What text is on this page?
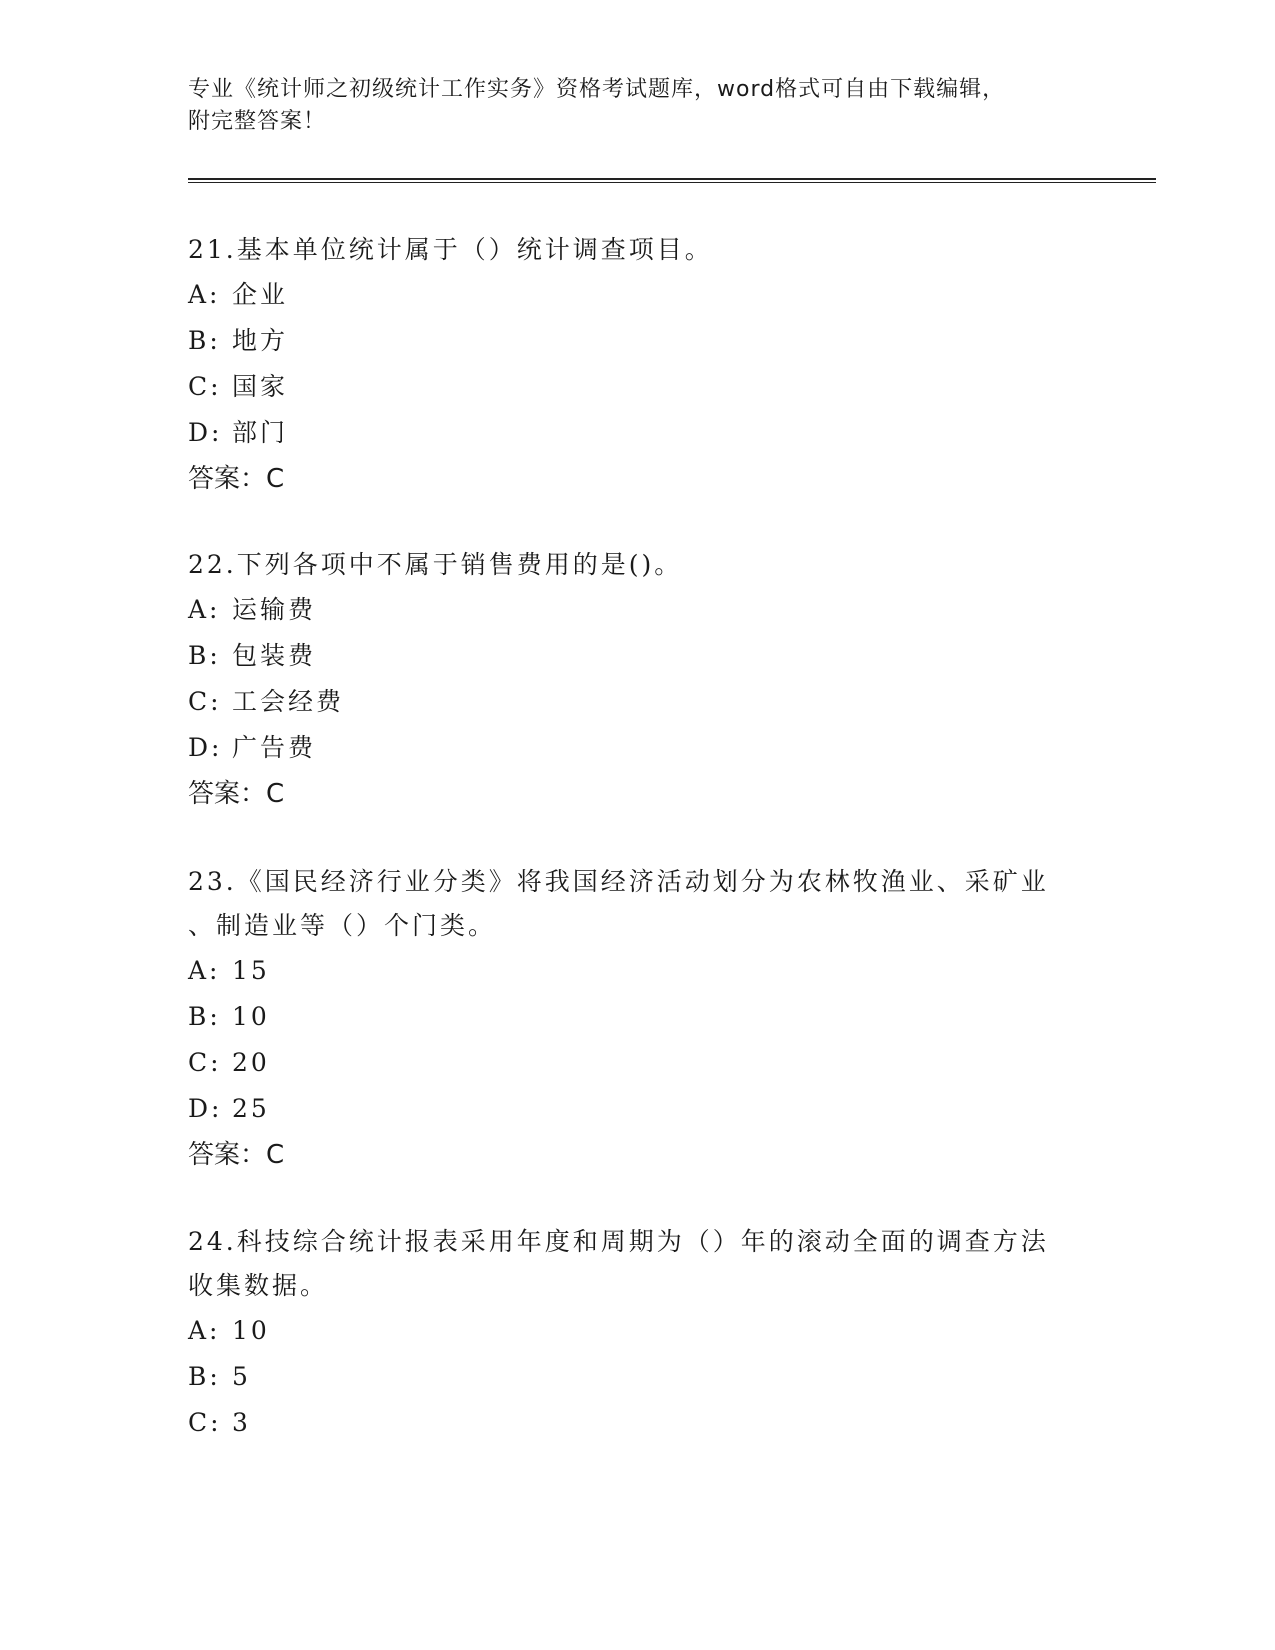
专业《统计师之初级统计工作实务》资格考试题库，word格式可自由下载编辑，
附完整答案！
21.基本单位统计属于（）统计调查项目。
A: 企业
B: 地方
C: 国家
D: 部门
答案：C
22.下列各项中不属于销售费用的是()。
A: 运输费
B: 包装费
C: 工会经费
D: 广告费
答案：C
23.《国民经济行业分类》将我国经济活动划分为农林牧渔业、采矿业
、制造业等（）个门类。
A: 15
B: 10
C: 20
D: 25
答案：C
24.科技综合统计报表采用年度和周期为（）年的滚动全面的调查方法
收集数据。
A: 10
B: 5
C: 3
